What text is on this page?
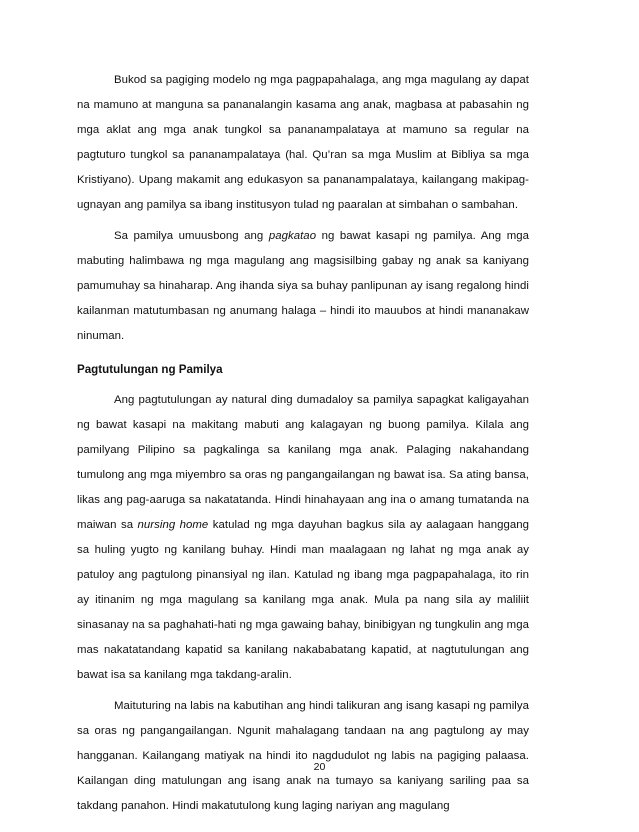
Bukod sa pagiging modelo ng mga pagpapahalaga, ang mga magulang ay dapat na mamuno at manguna sa pananalangin kasama ang anak, magbasa at pabasahin ng mga aklat ang mga anak tungkol sa pananampalataya at mamuno sa regular na pagtuturo tungkol sa pananampalataya (hal. Qu’ran sa mga Muslim at Bibliya sa mga Kristiyano). Upang makamit ang edukasyon sa pananampalataya, kailangang makipag-ugnayan ang pamilya sa ibang institusyon tulad ng paaralan at simbahan o sambahan.

Sa pamilya umuusbong ang pagkatao ng bawat kasapi ng pamilya. Ang mga mabuting halimbawa ng mga magulang ang magsisilbing gabay ng anak sa kaniyang pamumuhay sa hinaharap. Ang ihanda siya sa buhay panlipunan ay isang regalong hindi kailanman matutumbasan ng anumang halaga – hindi ito mauubos at hindi mananakaw ninuman.

Pagtutulungan ng Pamilya

Ang pagtutulungan ay natural ding dumadaloy sa pamilya sapagkat kaligayahan ng bawat kasapi na makitang mabuti ang kalagayan ng buong pamilya. Kilala ang pamilyang Pilipino sa pagkalinga sa kanilang mga anak. Palaging nakahandang tumulong ang mga miyembro sa oras ng pangangailangan ng bawat isa. Sa ating bansa, likas ang pag-aaruga sa nakatatanda. Hindi hinahayaan ang ina o amang tumatanda na maiwan sa nursing home katulad ng mga dayuhan bagkus sila ay aalagaan hanggang sa huling yugto ng kanilang buhay. Hindi man maalagaan ng lahat ng mga anak ay patuloy ang pagtulong pinansiyal ng ilan. Katulad ng ibang mga pagpapahalaga, ito rin ay itinanim ng mga magulang sa kanilang mga anak. Mula pa nang sila ay maliliit sinasanay na sa paghahati-hati ng mga gawaing bahay, binibigyan ng tungkulin ang mga mas nakatatandang kapatid sa kanilang nakababatang kapatid, at nagtutulungan ang bawat isa sa kanilang mga takdang-aralin.

Maituturing na labis na kabutihan ang hindi talikuran ang isang kasapi ng pamilya sa oras ng pangangailangan. Ngunit mahalagang tandaan na ang pagtulong ay may hangganan. Kailangang matiyak na hindi ito nagdudulot ng labis na pagiging palaasa. Kailangan ding matulungan ang isang anak na tumayo sa kaniyang sariling paa sa takdang panahon. Hindi makatutulong kung laging nariyan ang magulang

20
